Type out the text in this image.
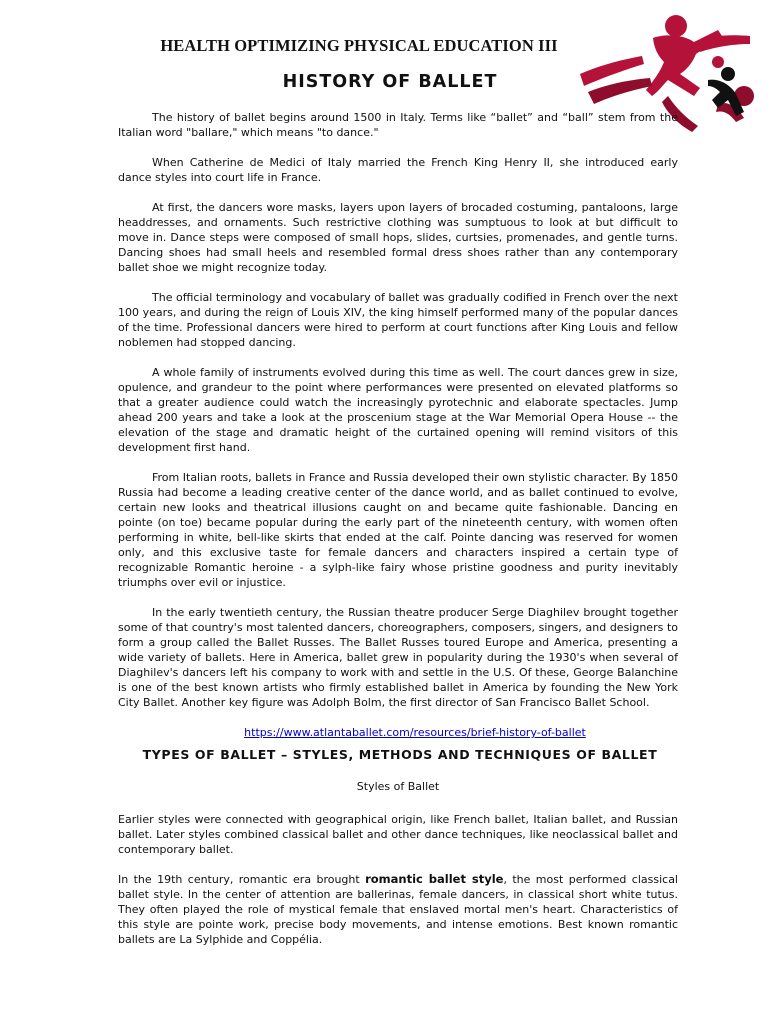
HEALTH OPTIMIZING PHYSICAL EDUCATION III
HISTORY OF BALLET

The history of ballet begins around 1500 in Italy. Terms like “ballet” and “ball” stem from the Italian word "ballare," which means "to dance."

When Catherine de Medici of Italy married the French King Henry II, she introduced early dance styles into court life in France.

At first, the dancers wore masks, layers upon layers of brocaded costuming, pantaloons, large headdresses, and ornaments. Such restrictive clothing was sumptuous to look at but difficult to move in. Dance steps were composed of small hops, slides, curtsies, promenades, and gentle turns. Dancing shoes had small heels and resembled formal dress shoes rather than any contemporary ballet shoe we might recognize today.

The official terminology and vocabulary of ballet was gradually codified in French over the next 100 years, and during the reign of Louis XIV, the king himself performed many of the popular dances of the time. Professional dancers were hired to perform at court functions after King Louis and fellow noblemen had stopped dancing.

A whole family of instruments evolved during this time as well. The court dances grew in size, opulence, and grandeur to the point where performances were presented on elevated platforms so that a greater audience could watch the increasingly pyrotechnic and elaborate spectacles. Jump ahead 200 years and take a look at the proscenium stage at the War Memorial Opera House -- the elevation of the stage and dramatic height of the curtained opening will remind visitors of this development first hand.

From Italian roots, ballets in France and Russia developed their own stylistic character. By 1850 Russia had become a leading creative center of the dance world, and as ballet continued to evolve, certain new looks and theatrical illusions caught on and became quite fashionable. Dancing en pointe (on toe) became popular during the early part of the nineteenth century, with women often performing in white, bell-like skirts that ended at the calf. Pointe dancing was reserved for women only, and this exclusive taste for female dancers and characters inspired a certain type of recognizable Romantic heroine - a sylph-like fairy whose pristine goodness and purity inevitably triumphs over evil or injustice.

In the early twentieth century, the Russian theatre producer Serge Diaghilev brought together some of that country's most talented dancers, choreographers, composers, singers, and designers to form a group called the Ballet Russes. The Ballet Russes toured Europe and America, presenting a wide variety of ballets. Here in America, ballet grew in popularity during the 1930's when several of Diaghilev's dancers left his company to work with and settle in the U.S. Of these, George Balanchine is one of the best known artists who firmly established ballet in America by founding the New York City Ballet. Another key figure was Adolph Bolm, the first director of San Francisco Ballet School.

https://www.atlantaballet.com/resources/brief-history-of-ballet

TYPES OF BALLET – STYLES, METHODS AND TECHNIQUES OF BALLET
Styles of Ballet

Earlier styles were connected with geographical origin, like French ballet, Italian ballet, and Russian ballet. Later styles combined classical ballet and other dance techniques, like neoclassical ballet and contemporary ballet.

In the 19th century, romantic era brought romantic ballet style, the most performed classical ballet style. In the center of attention are ballerinas, female dancers, in classical short white tutus. They often played the role of mystical female that enslaved mortal men's heart. Characteristics of this style are pointe work, precise body movements, and intense emotions. Best known romantic ballets are La Sylphide and Coppélia.
